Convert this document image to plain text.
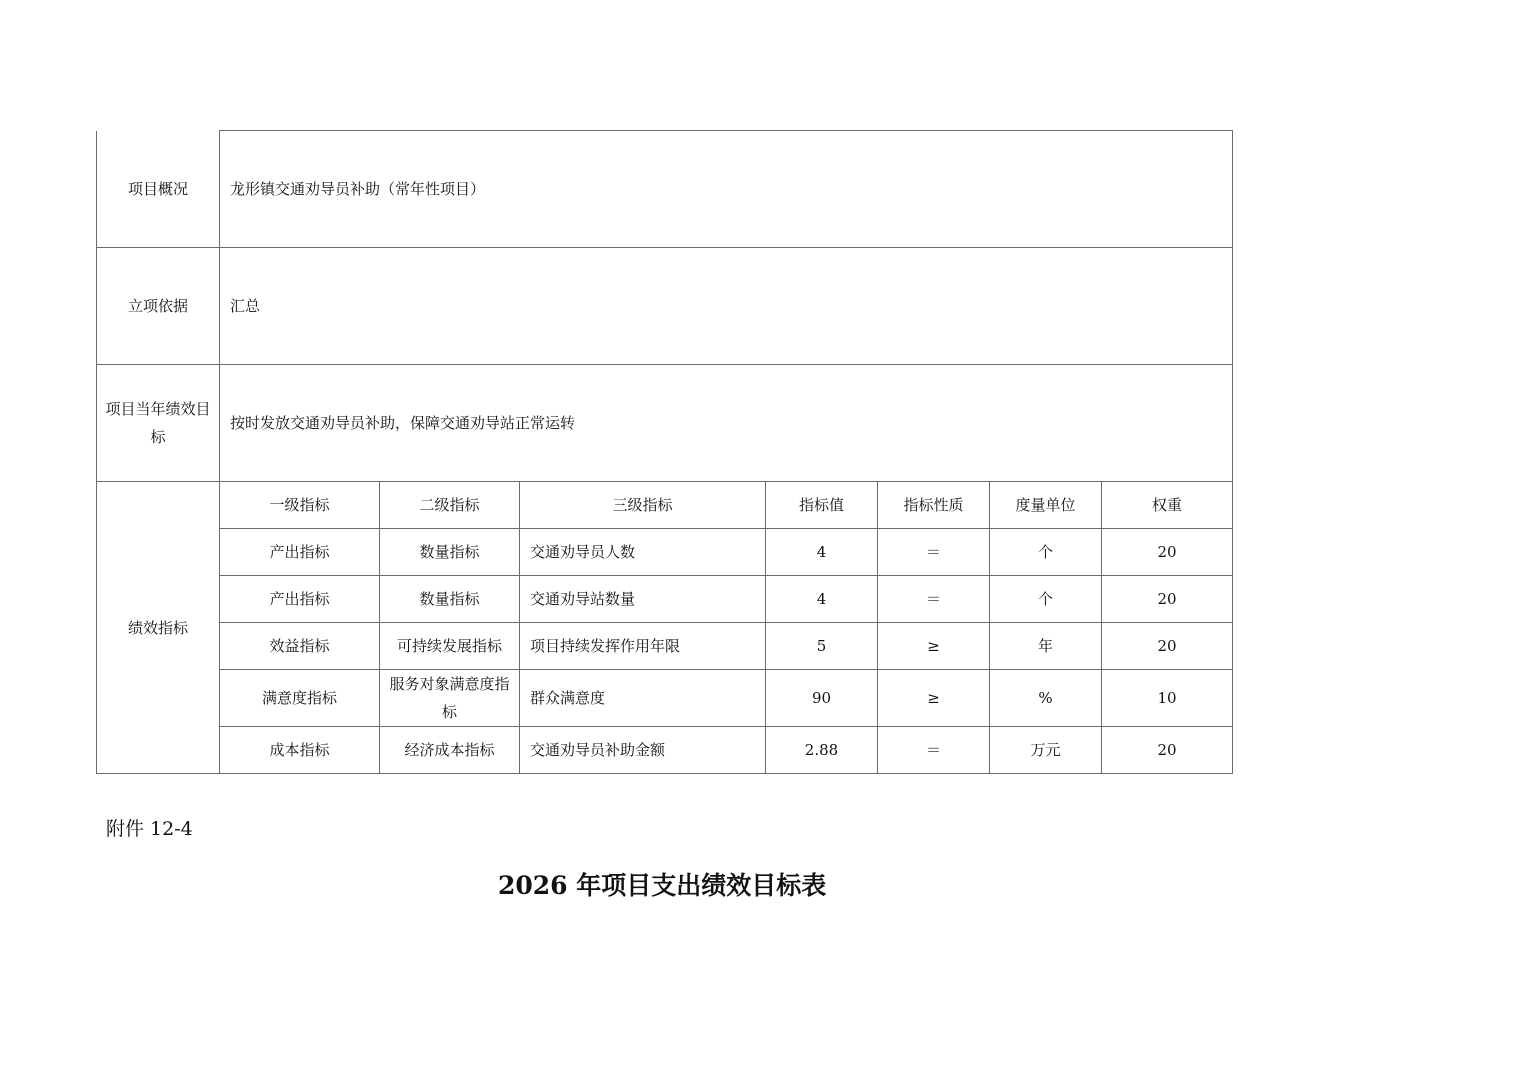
项目概况	龙形镇交通劝导员补助（常年性项目）						
立项依据	汇总						
项目当年绩效目标	按时发放交通劝导员补助，保障交通劝导站正常运转						
绩效指标	一级指标	二级指标	三级指标	指标值	指标性质	度量单位	权重
	产出指标	数量指标	交通劝导员人数	4	＝	个	20
	产出指标	数量指标	交通劝导站数量	4	＝	个	20
	效益指标	可持续发展指标	项目持续发挥作用年限	5	≥	年	20
	满意度指标	服务对象满意度指标	群众满意度	90	≥	%	10
	成本指标	经济成本指标	交通劝导员补助金额	2.88	＝	万元	20
附件 12-4
2026 年项目支出绩效目标表
